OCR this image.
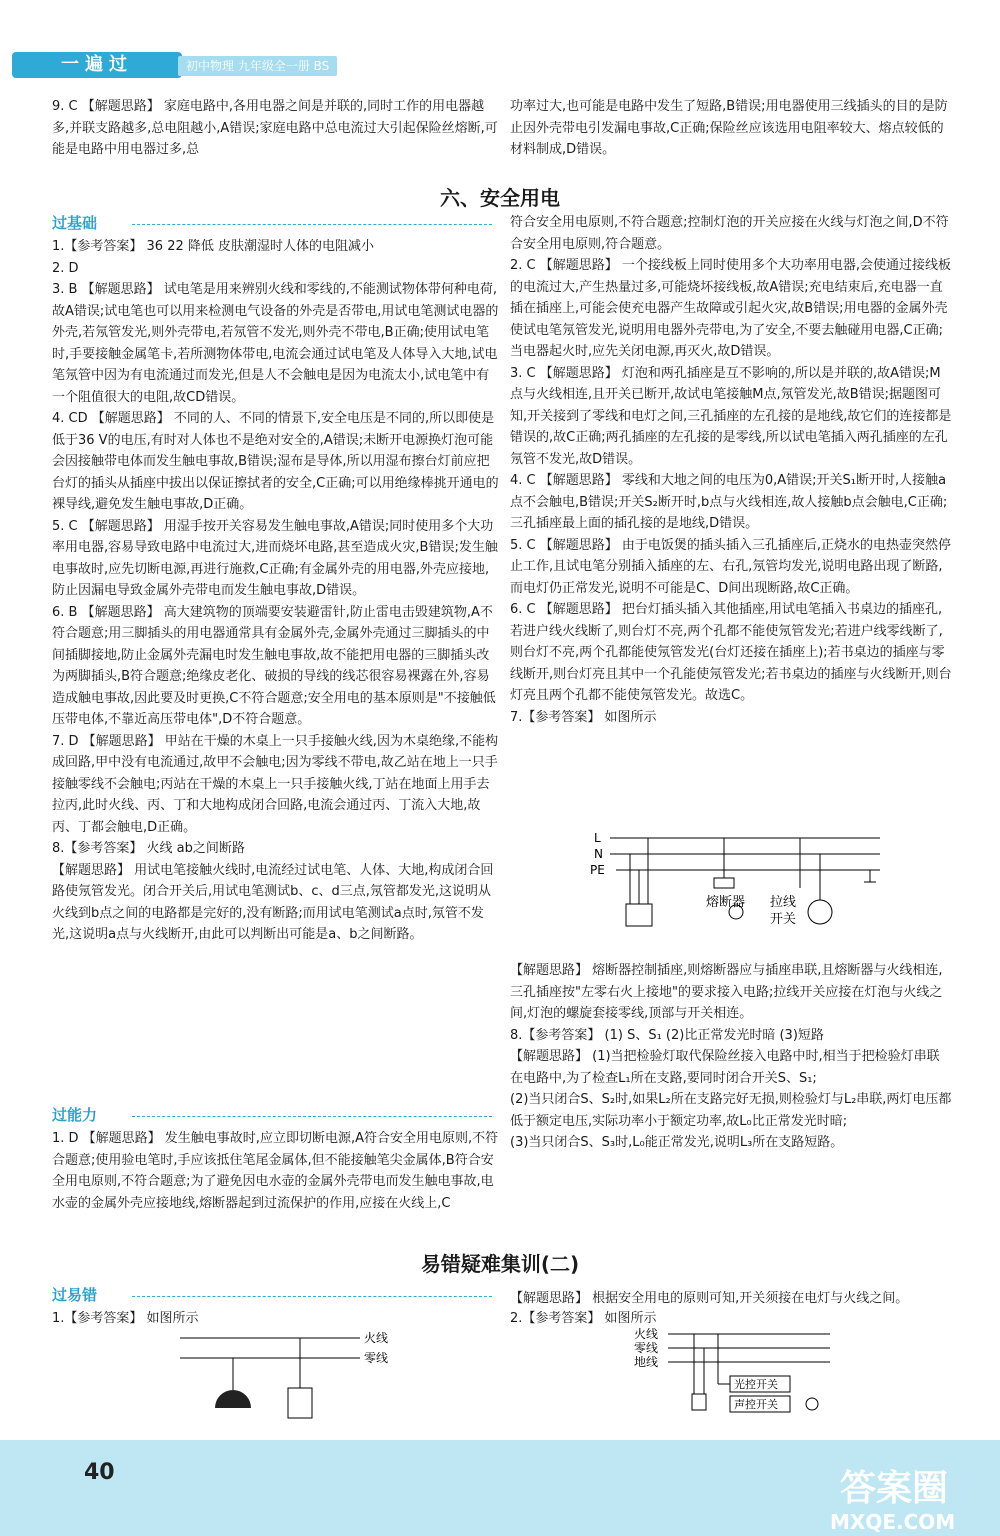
一遍过	初中物理 九年级全一册 BS

9. C 【解题思路】 家庭电路中,各用电器之间是并联的,同时工作的用电器越多,并联支路越多,总电阻越小,A错误;家庭电路中总电流过大引起保险丝熔断,可能是电路中用电器过多,总

功率过大,也可能是电路中发生了短路,B错误;用电器使用三线插头的目的是防止因外壳带电引发漏电事故,C正确;保险丝应该选用电阻率较大、熔点较低的材料制成,D错误。

六、安全用电
过基础
1.【参考答案】 36 22 降低 皮肤潮湿时人体的电阻减小
2. D
3. B 【解题思路】 试电笔是用来辨别火线和零线的,不能测试物体带何种电荷,故A错误;试电笔也可以用来检测电气设备的外壳是否带电,用试电笔测试电器的外壳,若氖管发光,则外壳带电,若氖管不发光,则外壳不带电,B正确;使用试电笔时,手要接触金属笔卡,若所测物体带电,电流会通过试电笔及人体导入大地,试电笔氖管中因为有电流通过而发光,但是人不会触电是因为电流太小,试电笔中有一个阻值很大的电阻,故CD错误。
4. CD 【解题思路】 不同的人、不同的情景下,安全电压是不同的,所以即使是低于36 V的电压,有时对人体也不是绝对安全的,A错误;未断开电源换灯泡可能会因接触带电体而发生触电事故,B错误;湿布是导体,所以用湿布擦台灯前应把台灯的插头从插座中拔出以保证擦拭者的安全,C正确;可以用绝缘棒挑开通电的裸导线,避免发生触电事故,D正确。
5. C 【解题思路】 用湿手按开关容易发生触电事故,A错误;同时使用多个大功率用电器,容易导致电路中电流过大,进而烧坏电路,甚至造成火灾,B错误;发生触电事故时,应先切断电源,再进行施救,C正确;有金属外壳的用电器,外壳应接地,防止因漏电导致金属外壳带电而发生触电事故,D错误。
6. B 【解题思路】 高大建筑物的顶端要安装避雷针,防止雷电击毁建筑物,A不符合题意;用三脚插头的用电器通常具有金属外壳,金属外壳通过三脚插头的中间插脚接地,防止金属外壳漏电时发生触电事故,故不能把用电器的三脚插头改为两脚插头,B符合题意;绝缘皮老化、破损的导线的线芯很容易裸露在外,容易造成触电事故,因此要及时更换,C不符合题意;安全用电的基本原则是"不接触低压带电体,不靠近高压带电体",D不符合题意。
7. D 【解题思路】 甲站在干燥的木桌上一只手接触火线,因为木桌绝缘,不能构成回路,甲中没有电流通过,故甲不会触电;因为零线不带电,故乙站在地上一只手接触零线不会触电;丙站在干燥的木桌上一只手接触火线,丁站在地面上用手去拉丙,此时火线、丙、丁和大地构成闭合回路,电流会通过丙、丁流入大地,故丙、丁都会触电,D正确。
8.【参考答案】 火线 ab之间断路
【解题思路】 用试电笔接触火线时,电流经过试电笔、人体、大地,构成闭合回路使氖管发光。闭合开关后,用试电笔测试b、c、d三点,氖管都发光,这说明从火线到b点之间的电路都是完好的,没有断路;而用试电笔测试a点时,氖管不发光,这说明a点与火线断开,由此可以判断出可能是a、b之间断路。
过能力
1. D 【解题思路】 发生触电事故时,应立即切断电源,A符合安全用电原则,不符合题意;使用验电笔时,手应该抵住笔尾金属体,但不能接触笔尖金属体,B符合安全用电原则,不符合题意;为了避免因电水壶的金属外壳带电而发生触电事故,电水壶的金属外壳应接地线,熔断器起到过流保护的作用,应接在火线上,C
符合安全用电原则,不符合题意;控制灯泡的开关应接在火线与灯泡之间,D不符合安全用电原则,符合题意。
2. C 【解题思路】 一个接线板上同时使用多个大功率用电器,会使通过接线板的电流过大,产生热量过多,可能烧坏接线板,故A错误;充电结束后,充电器一直插在插座上,可能会使充电器产生故障或引起火灾,故B错误;用电器的金属外壳使试电笔氖管发光,说明用电器外壳带电,为了安全,不要去触碰用电器,C正确;当电器起火时,应先关闭电源,再灭火,故D错误。
3. C 【解题思路】 灯泡和两孔插座是互不影响的,所以是并联的,故A错误;M点与火线相连,且开关已断开,故试电笔接触M点,氖管发光,故B错误;据题图可知,开关接到了零线和电灯之间,三孔插座的左孔接的是地线,故它们的连接都是错误的,故C正确;两孔插座的左孔接的是零线,所以试电笔插入两孔插座的左孔氖管不发光,故D错误。
4. C 【解题思路】 零线和大地之间的电压为0,A错误;开关S₁断开时,人接触a点不会触电,B错误;开关S₂断开时,b点与火线相连,故人接触b点会触电,C正确;三孔插座最上面的插孔接的是地线,D错误。
5. C 【解题思路】 由于电饭煲的插头插入三孔插座后,正烧水的电热壶突然停止工作,且试电笔分别插入插座的左、右孔,氖管均发光,说明电路出现了断路,而电灯仍正常发光,说明不可能是C、D间出现断路,故C正确。
6. C 【解题思路】 把台灯插头插入其他插座,用试电笔插入书桌边的插座孔,若进户线火线断了,则台灯不亮,两个孔都不能使氖管发光;若进户线零线断了,则台灯不亮,两个孔都能使氖管发光(台灯还接在插座上);若书桌边的插座与零线断开,则台灯亮且其中一个孔能使氖管发光;若书桌边的插座与火线断开,则台灯亮且两个孔都不能使氖管发光。故选C。
7.【参考答案】 如图所示
L
N
PE
熔断器 拉线
开关
【解题思路】 熔断器控制插座,则熔断器应与插座串联,且熔断器与火线相连,三孔插座按"左零右火上接地"的要求接入电路;拉线开关应接在灯泡与火线之间,灯泡的螺旋套接零线,顶部与开关相连。
8.【参考答案】 (1) S、S₁ (2)比正常发光时暗 (3)短路
【解题思路】 (1)当把检验灯取代保险丝接入电路中时,相当于把检验灯串联在电路中,为了检查L₁所在支路,要同时闭合开关S、S₁;
(2)当只闭合S、S₂时,如果L₂所在支路完好无损,则检验灯与L₂串联,两灯电压都低于额定电压,实际功率小于额定功率,故L₀比正常发光时暗;
(3)当只闭合S、S₃时,L₀能正常发光,说明L₃所在支路短路。
易错疑难集训(二)
过易错
1.【参考答案】 如图所示
火线
零线
【解题思路】 根据安全用电的原则可知,开关须接在电灯与火线之间。
2.【参考答案】 如图所示
火线
零线
地线
光控开关
声控开关
40	答案圈
MXQE.COM
